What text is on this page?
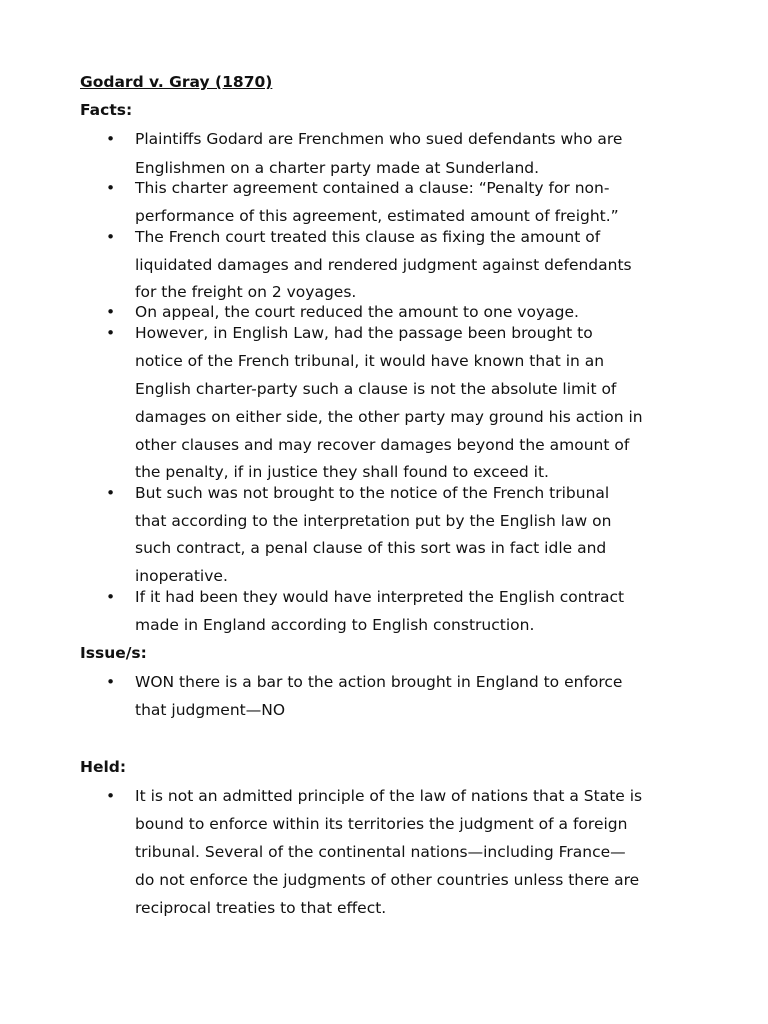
Godard v. Gray (1870)
Facts:
• Plaintiffs Godard are Frenchmen who sued defendants who are
Englishmen on a charter party made at Sunderland.
• This charter agreement contained a clause: “Penalty for non-
performance of this agreement, estimated amount of freight.”
• The French court treated this clause as fixing the amount of
liquidated damages and rendered judgment against defendants
for the freight on 2 voyages.
• On appeal, the court reduced the amount to one voyage.
• However, in English Law, had the passage been brought to
notice of the French tribunal, it would have known that in an
English charter-party such a clause is not the absolute limit of
damages on either side, the other party may ground his action in
other clauses and may recover damages beyond the amount of
the penalty, if in justice they shall found to exceed it.
• But such was not brought to the notice of the French tribunal
that according to the interpretation put by the English law on
such contract, a penal clause of this sort was in fact idle and
inoperative.
• If it had been they would have interpreted the English contract
made in England according to English construction.
Issue/s:
• WON there is a bar to the action brought in England to enforce
that judgment—NO
Held:
• It is not an admitted principle of the law of nations that a State is
bound to enforce within its territories the judgment of a foreign
tribunal. Several of the continental nations—including France—
do not enforce the judgments of other countries unless there are
reciprocal treaties to that effect.
